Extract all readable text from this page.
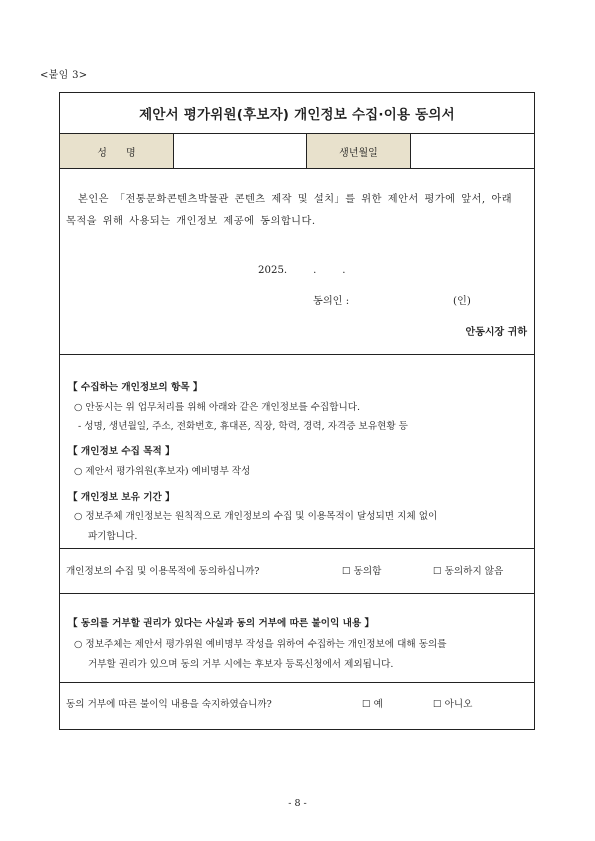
<붙임 3>
제안서 평가위원(후보자) 개인정보 수집·이용 동의서
성      명	생년월일
본인은 「전통문화콘텐츠박물관 콘텐츠 제작 및 설치」를 위한 제안서 평가에 앞서, 아래 목적을 위해 사용되는 개인정보 제공에 동의합니다.
2025.        .        .
동의인 :	(인)
안동시장 귀하
【 수집하는 개인정보의 항목 】
○ 안동시는 위 업무처리를 위해 아래와 같은 개인정보를 수집합니다.
- 성명, 생년월일, 주소, 전화번호, 휴대폰, 직장, 학력, 경력, 자격증 보유현황 등
【 개인정보 수집 목적 】
○ 제안서 평가위원(후보자) 예비명부 작성
【 개인정보 보유 기간 】
○ 정보주체 개인정보는 원칙적으로 개인정보의 수집 및 이용목적이 달성되면 지체 없이
파기합니다.
개인정보의 수집 및 이용목적에 동의하십니까?	☐ 동의함	☐ 동의하지 않음
【 동의를 거부할 권리가 있다는 사실과 동의 거부에 따른 불이익 내용 】
○ 정보주체는 제안서 평가위원 예비명부 작성을 위하여 수집하는 개인정보에 대해 동의를
거부할 권리가 있으며 동의 거부 시에는 후보자 등록신청에서 제외됩니다.
동의 거부에 따른 불이익 내용을 숙지하였습니까?	☐ 예	☐ 아니오
- 8 -
